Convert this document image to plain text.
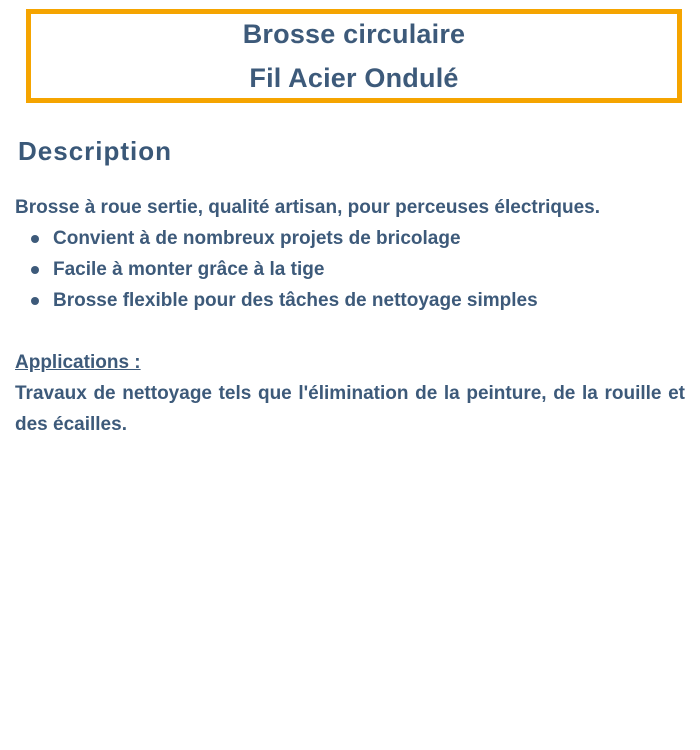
Brosse circulaire
Fil Acier Ondulé
Description

Brosse à roue sertie, qualité artisan, pour perceuses électriques.

Convient à de nombreux projets de bricolage
Facile à monter grâce à la tige
Brosse flexible pour des tâches de nettoyage simples

Applications :

Travaux de nettoyage tels que l'élimination de la peinture, de la rouille et des écailles.
